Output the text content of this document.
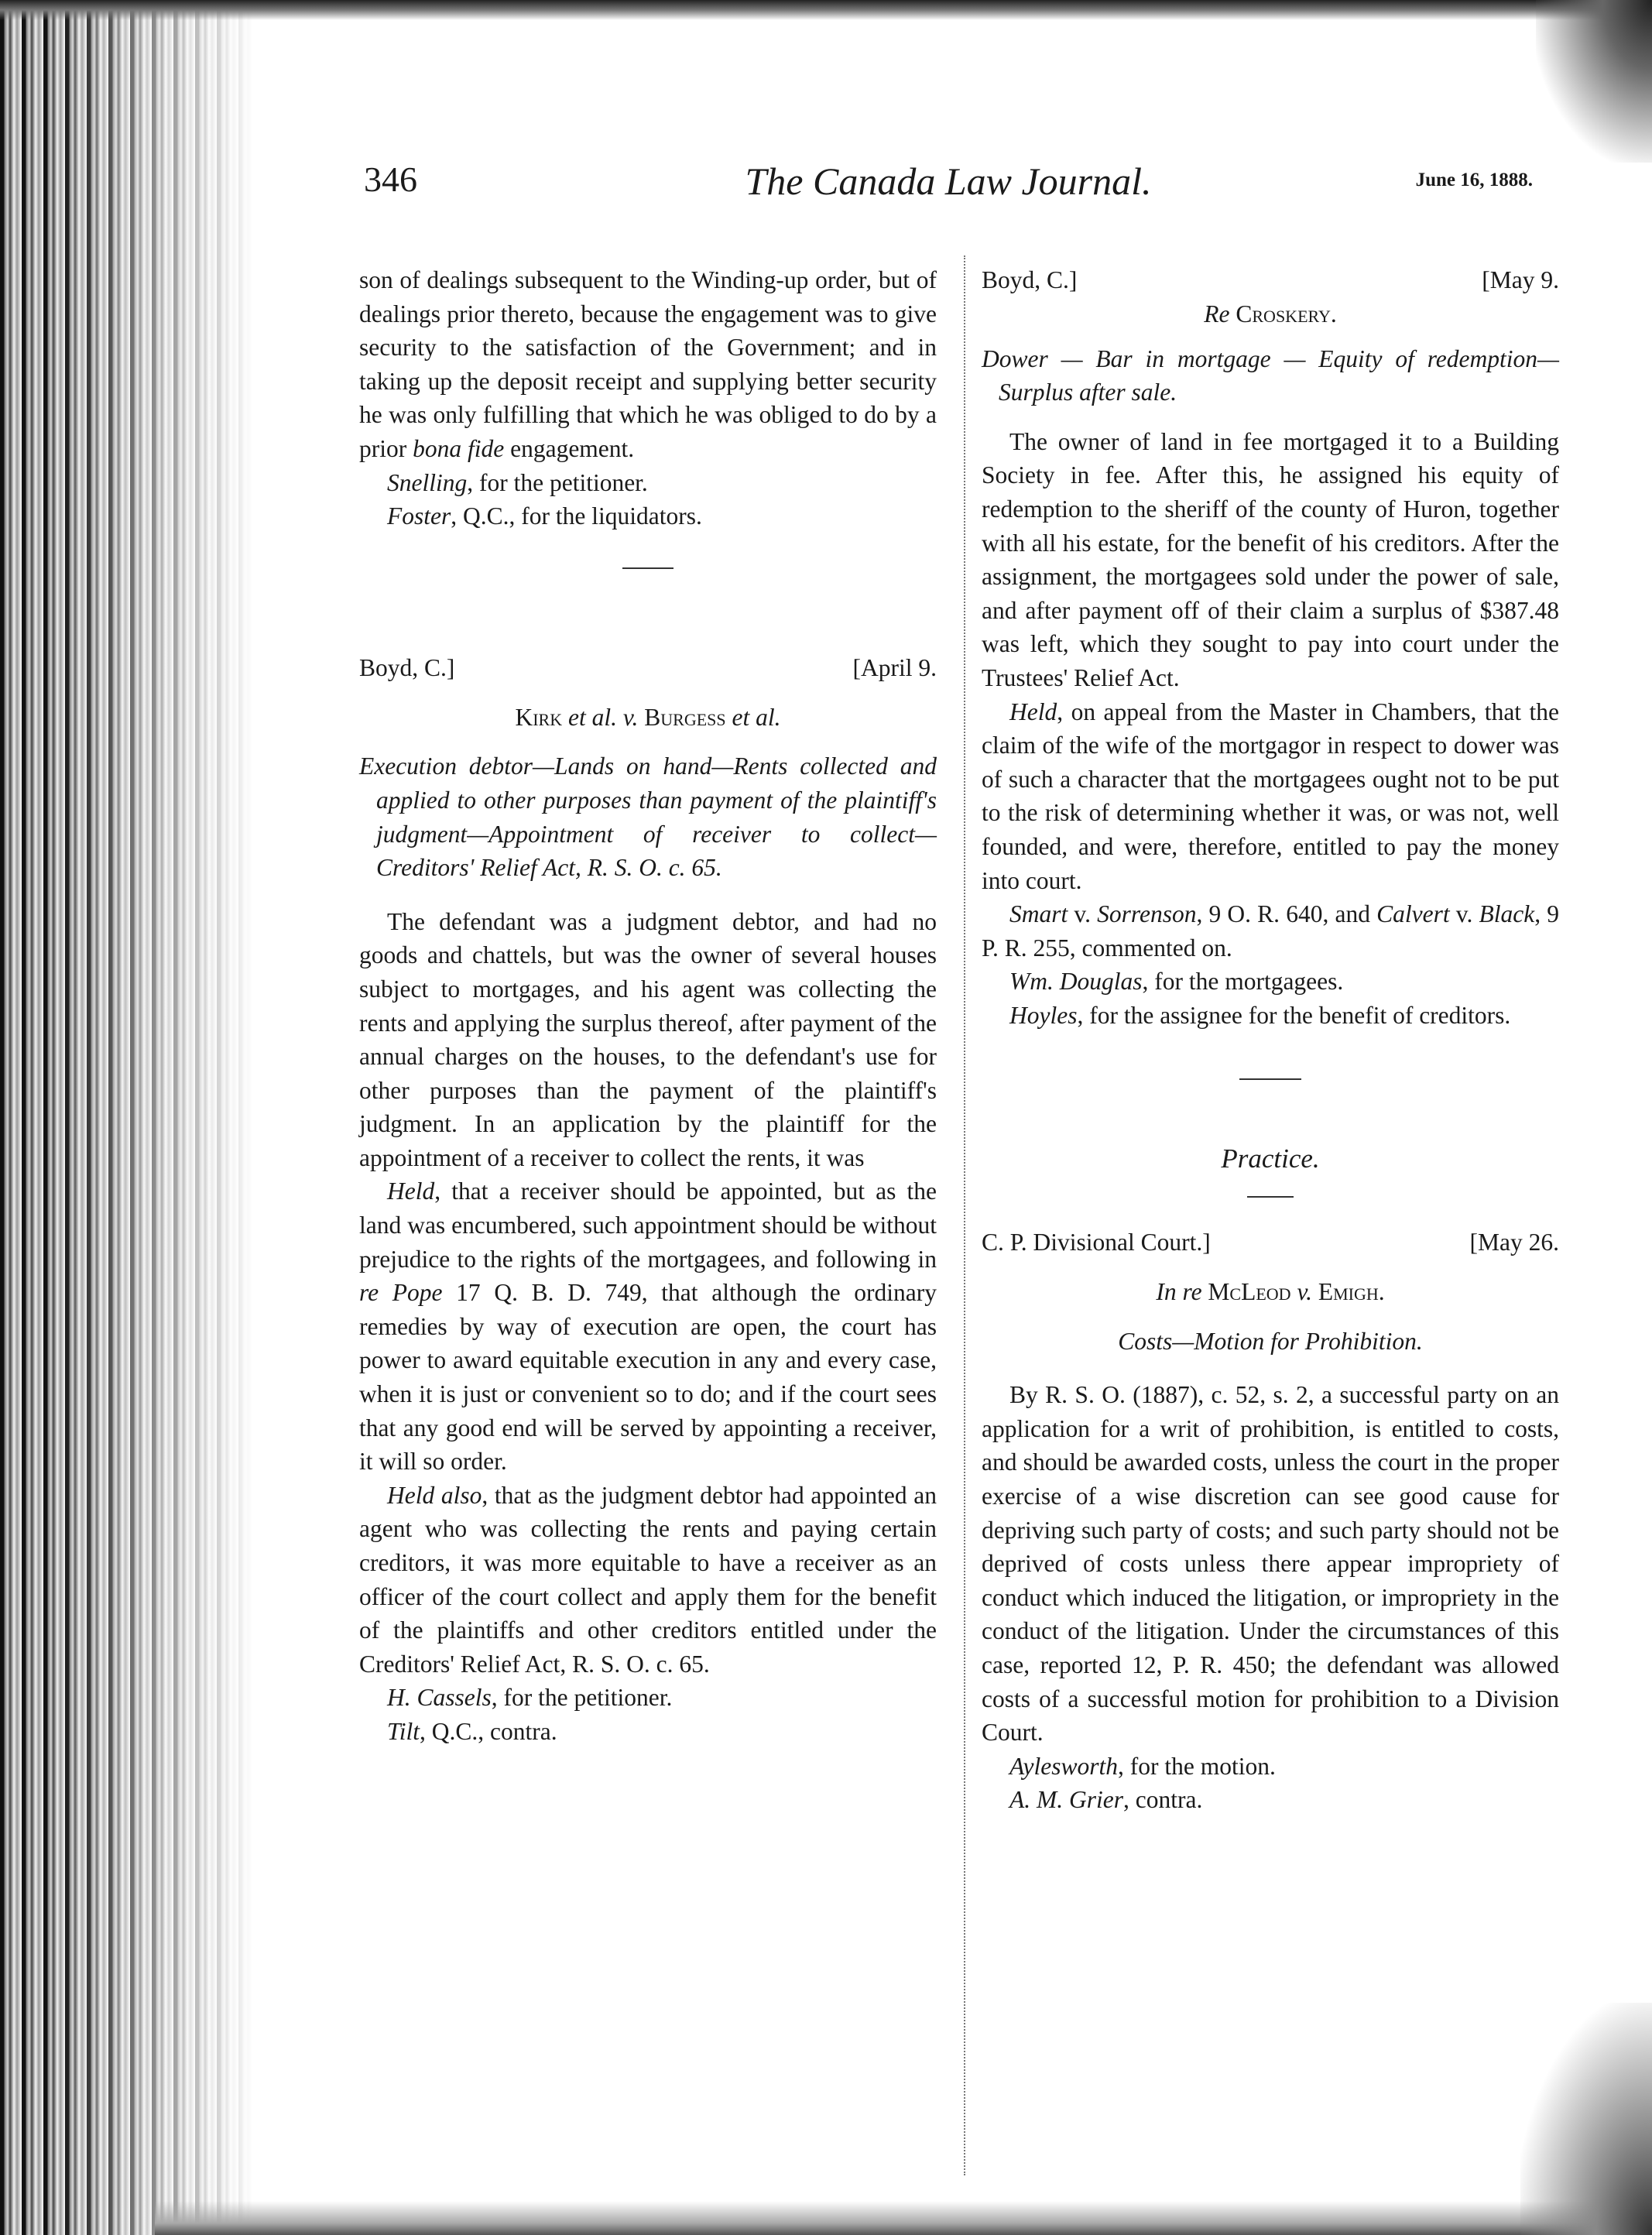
346	The Canada Law Journal.	June 16, 1888.

son of dealings subsequent to the Winding-up order, but of dealings prior thereto, because the engagement was to give security to the satisfaction of the Government; and in taking up the deposit receipt and supplying better security he was only fulfilling that which he was obliged to do by a prior bona fide engagement.

Snelling, for the petitioner.

Foster, Q.C., for the liquidators.

Boyd, C.]	[April 9.

Kirk et al. v. Burgess et al.

Execution debtor—Lands on hand—Rents collected and applied to other purposes than payment of the plaintiff's judgment—Appointment of receiver to collect—Creditors' Relief Act, R. S. O. c. 65.

The defendant was a judgment debtor, and had no goods and chattels, but was the owner of several houses subject to mortgages, and his agent was collecting the rents and applying the surplus thereof, after payment of the annual charges on the houses, to the defendant's use for other purposes than the payment of the plaintiff's judgment. In an application by the plaintiff for the appointment of a receiver to collect the rents, it was

Held, that a receiver should be appointed, but as the land was encumbered, such appointment should be without prejudice to the rights of the mortgagees, and following in re Pope 17 Q. B. D. 749, that although the ordinary remedies by way of execution are open, the court has power to award equitable execution in any and every case, when it is just or convenient so to do; and if the court sees that any good end will be served by appointing a receiver, it will so order.

Held also, that as the judgment debtor had appointed an agent who was collecting the rents and paying certain creditors, it was more equitable to have a receiver as an officer of the court collect and apply them for the benefit of the plaintiffs and other creditors entitled under the Creditors' Relief Act, R. S. O. c. 65.

H. Cassels, for the petitioner.

Tilt, Q.C., contra.

Boyd, C.]	[May 9.

Re Croskery.

Dower — Bar in mortgage — Equity of redemption—Surplus after sale.

The owner of land in fee mortgaged it to a Building Society in fee. After this, he assigned his equity of redemption to the sheriff of the county of Huron, together with all his estate, for the benefit of his creditors. After the assignment, the mortgagees sold under the power of sale, and after payment off of their claim a surplus of $387.48 was left, which they sought to pay into court under the Trustees' Relief Act.

Held, on appeal from the Master in Chambers, that the claim of the wife of the mortgagor in respect to dower was of such a character that the mortgagees ought not to be put to the risk of determining whether it was, or was not, well founded, and were, therefore, entitled to pay the money into court.

Smart v. Sorrenson, 9 O. R. 640, and Calvert v. Black, 9 P. R. 255, commented on.

Wm. Douglas, for the mortgagees.

Hoyles, for the assignee for the benefit of creditors.

Practice.

C. P. Divisional Court.]	[May 26.

In re McLeod v. Emigh.

Costs—Motion for Prohibition.

By R. S. O. (1887), c. 52, s. 2, a successful party on an application for a writ of prohibition, is entitled to costs, and should be awarded costs, unless the court in the proper exercise of a wise discretion can see good cause for depriving such party of costs; and such party should not be deprived of costs unless there appear impropriety of conduct which induced the litigation, or impropriety in the conduct of the litigation. Under the circumstances of this case, reported 12, P. R. 450; the defendant was allowed costs of a successful motion for prohibition to a Division Court.

Aylesworth, for the motion.

A. M. Grier, contra.
